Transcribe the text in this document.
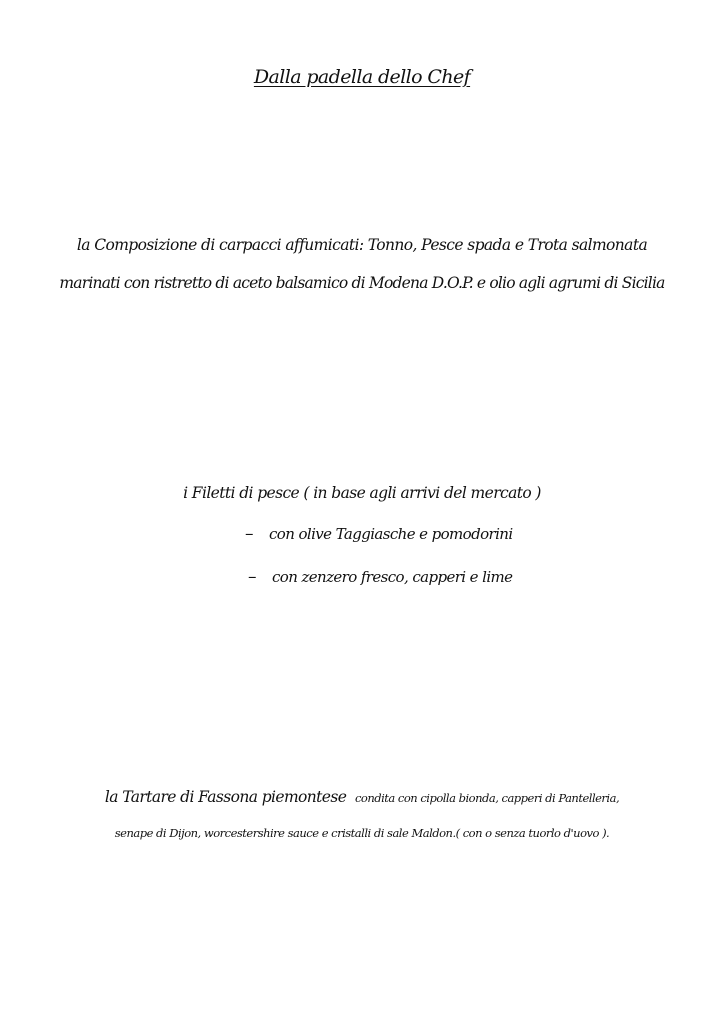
Dalla padella dello Chef
la Composizione di carpacci affumicati: Tonno, Pesce spada e Trota salmonata
marinati con ristretto di aceto balsamico di Modena D.O.P. e olio agli agrumi di Sicilia
i Filetti di pesce ( in base agli arrivi del mercato )
– con olive Taggiasche e pomodorini
– con zenzero fresco, capperi e lime
la Tartare di Fassona piemontese condita con cipolla bionda, capperi di Pantelleria,
senape di Dijon, worcestershire sauce e cristalli di sale Maldon.( con o senza tuorlo d'uovo ).
